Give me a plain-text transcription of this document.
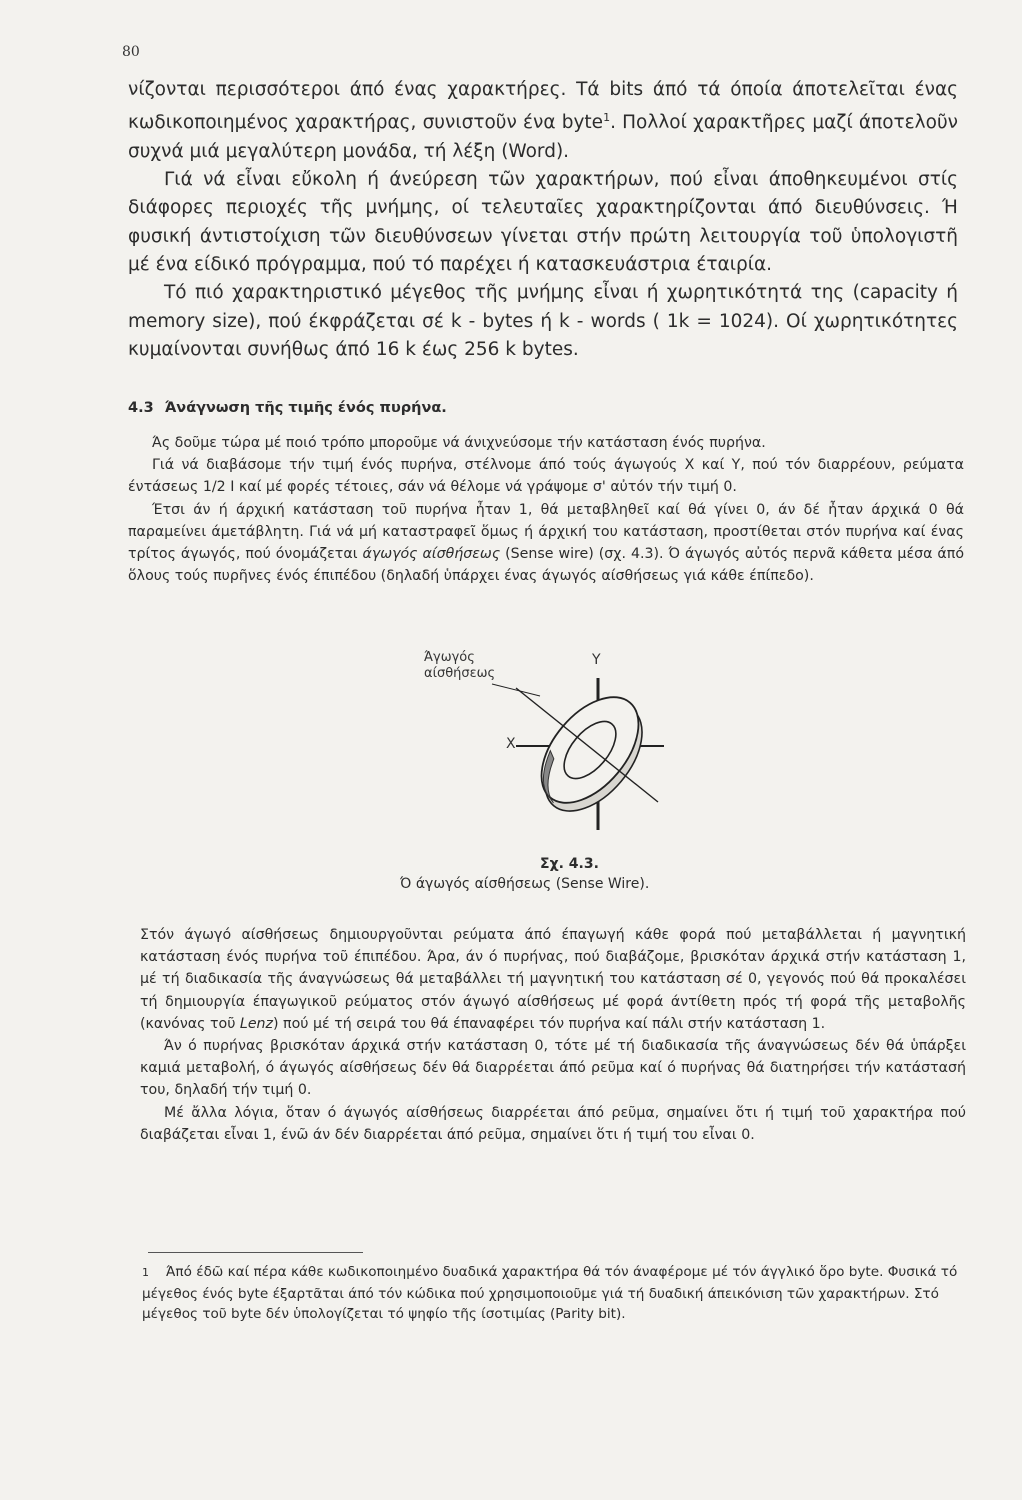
80

νίζονται περισσότεροι άπό ένας χαρακτήρες. Τά bits άπό τά όποία άποτελεῖται ένας κωδικοποιημένος χαρακτήρας, συνιστοῦν ένα byte$^1$. Πολλοί χαρακτῆρες μαζί άποτελοῦν συχνά μιά μεγαλύτερη μονάδα, τή λέξη (Word).

Γιά νά εἶναι εὔκολη ή άνεύρεση τῶν χαρακτήρων, πού εἶναι άποθηκευμένοι στίς διάφορες περιοχές τῆς μνήμης, οί τελευταῖες χαρακτηρίζονται άπό διευθύνσεις. Ή φυσική άντιστοίχιση τῶν διευθύνσεων γίνεται στήν πρώτη λειτουργία τοῦ ὑπολογιστῆ μέ ένα είδικό πρόγραμμα, πού τό παρέχει ή κατασκευάστρια έταιρία.

Τό πιό χαρακτηριστικό μέγεθος τῆς μνήμης εἶναι ή χωρητικότητά της (capacity ή memory size), πού έκφράζεται σέ k - bytes ή k - words ( 1k = 1024). Οί χωρητικότητες κυμαίνονται συνήθως άπό 16 k έως 256 k bytes.

4.3 Άνάγνωση τῆς τιμῆς ένός πυρήνα.

Άς δοῦμε τώρα μέ ποιό τρόπο μποροῦμε νά άνιχνεύσομε τήν κατάσταση ένός πυρήνα.

Γιά νά διαβάσομε τήν τιμή ένός πυρήνα, στέλνομε άπό τούς άγωγούς X καί Y, πού τόν διαρρέουν, ρεύματα έντάσεως 1/2 I καί μέ φορές τέτοιες, σάν νά θέλομε νά γράψομε σ' αὐτόν τήν τιμή 0.

Έτσι άν ή άρχική κατάσταση τοῦ πυρήνα ἦταν 1, θά μεταβληθεῖ καί θά γίνει 0, άν δέ ἦταν άρχικά 0 θά παραμείνει άμετάβλητη. Γιά νά μή καταστραφεῖ ὅμως ή άρχική του κατάσταση, προστίθεται στόν πυρήνα καί ένας τρίτος άγωγός, πού όνομάζεται άγωγός αίσθήσεως (Sense wire) (σχ. 4.3). Ό άγωγός αὐτός περνᾶ κάθετα μέσα άπό ὅλους τούς πυρῆνες ένός έπιπέδου (δηλαδή ὑπάρχει ένας άγωγός αίσθήσεως γιά κάθε έπίπεδο).

Άγωγός
αίσθήσεως
Y
X
Σχ. 4.3.
Ό άγωγός αίσθήσεως (Sense Wire).

Στόν άγωγό αίσθήσεως δημιουργοῦνται ρεύματα άπό έπαγωγή κάθε φορά πού μεταβάλλεται ή μαγνητική κατάσταση ένός πυρήνα τοῦ έπιπέδου. Άρα, άν ό πυρήνας, πού διαβάζομε, βρισκόταν άρχικά στήν κατάσταση 1, μέ τή διαδικασία τῆς άναγνώσεως θά μεταβάλλει τή μαγνητική του κατάσταση σέ 0, γεγονός πού θά προκαλέσει τή δημιουργία έπαγωγικοῦ ρεύματος στόν άγωγό αίσθήσεως μέ φορά άντίθετη πρός τή φορά τῆς μεταβολῆς (κανόνας τοῦ Lenz) πού μέ τή σειρά του θά έπαναφέρει τόν πυρήνα καί πάλι στήν κατάσταση 1.

Άν ό πυρήνας βρισκόταν άρχικά στήν κατάσταση 0, τότε μέ τή διαδικασία τῆς άναγνώσεως δέν θά ὑπάρξει καμιά μεταβολή, ό άγωγός αίσθήσεως δέν θά διαρρέεται άπό ρεῦμα καί ό πυρήνας θά διατηρήσει τήν κατάστασή του, δηλαδή τήν τιμή 0.

Μέ ἄλλα λόγια, ὅταν ό άγωγός αίσθήσεως διαρρέεται άπό ρεῦμα, σημαίνει ὅτι ή τιμή τοῦ χαρακτήρα πού διαβάζεται εἶναι 1, ένῶ άν δέν διαρρέεται άπό ρεῦμα, σημαίνει ὅτι ή τιμή του εἶναι 0.

1 Άπό έδῶ καί πέρα κάθε κωδικοποιημένο δυαδικά χαρακτήρα θά τόν άναφέρομε μέ τόν άγγλικό ὅρο byte. Φυσικά τό μέγεθος ένός byte έξαρτᾶται άπό τόν κώδικα πού χρησιμοποιοῦμε γιά τή δυαδική άπεικόνιση τῶν χαρακτήρων. Στό μέγεθος τοῦ byte δέν ὑπολογίζεται τό ψηφίο τῆς ίσοτιμίας (Parity bit).
